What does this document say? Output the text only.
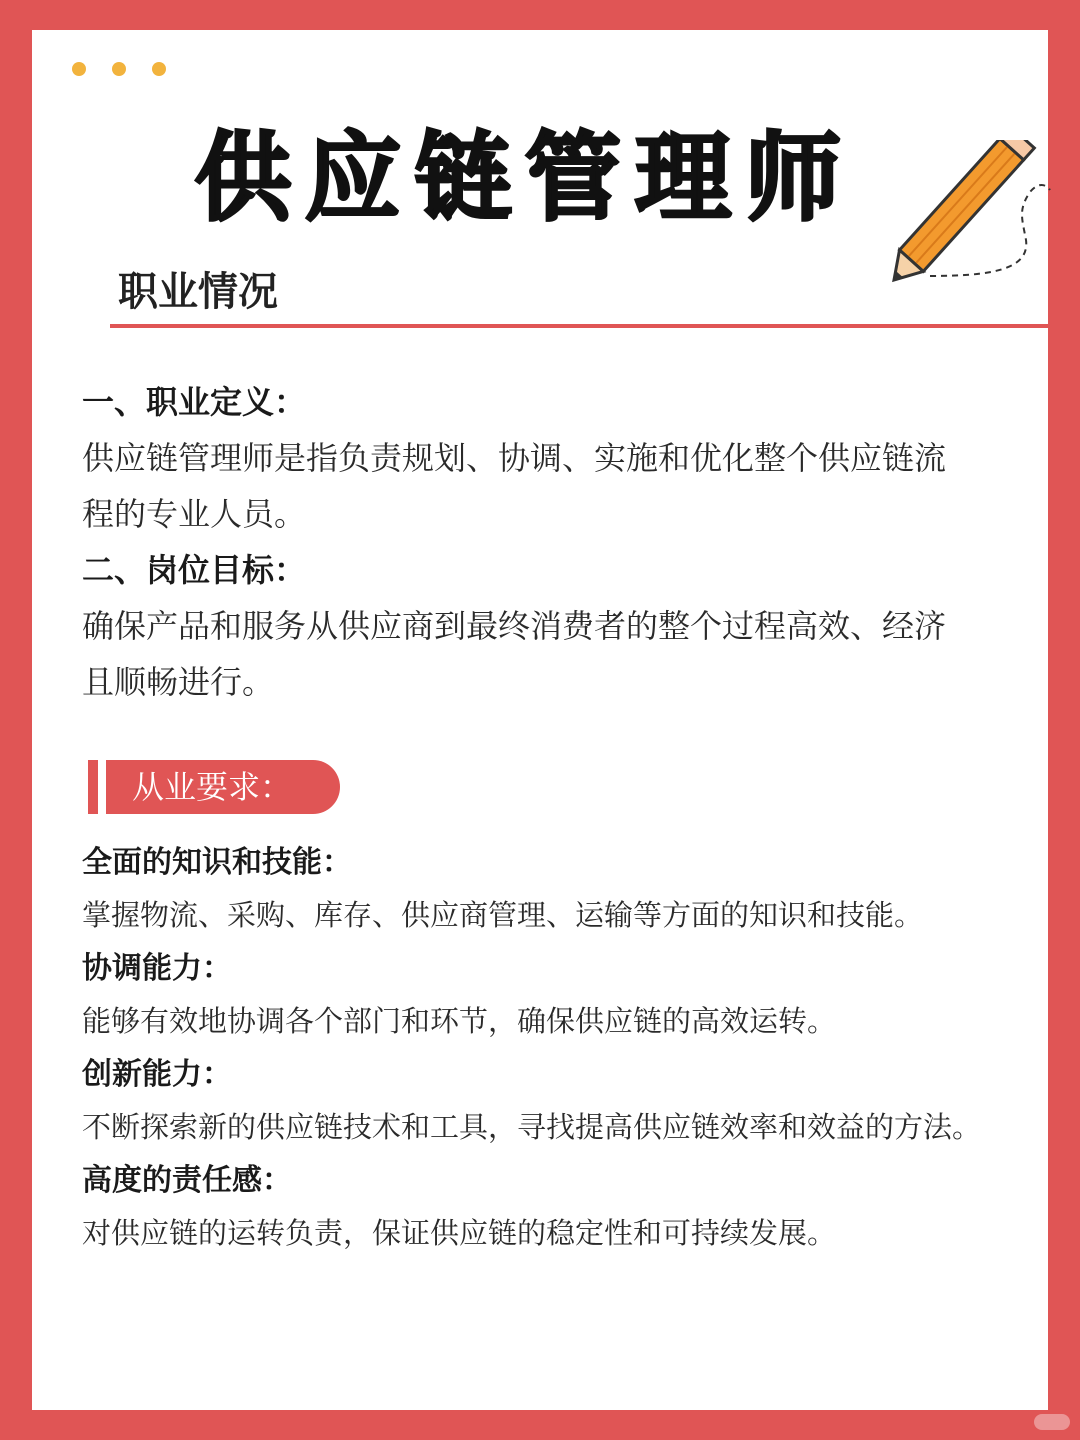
供应链管理师
职业情况
一、职业定义：
供应链管理师是指负责规划、协调、实施和优化整个供应链流程的专业人员。
二、岗位目标：
确保产品和服务从供应商到最终消费者的整个过程高效、经济且顺畅进行。
从业要求：
全面的知识和技能：
掌握物流、采购、库存、供应商管理、运输等方面的知识和技能。
协调能力：
能够有效地协调各个部门和环节，确保供应链的高效运转。
创新能力：
不断探索新的供应链技术和工具，寻找提高供应链效率和效益的方法。
高度的责任感：
对供应链的运转负责，保证供应链的稳定性和可持续发展。
